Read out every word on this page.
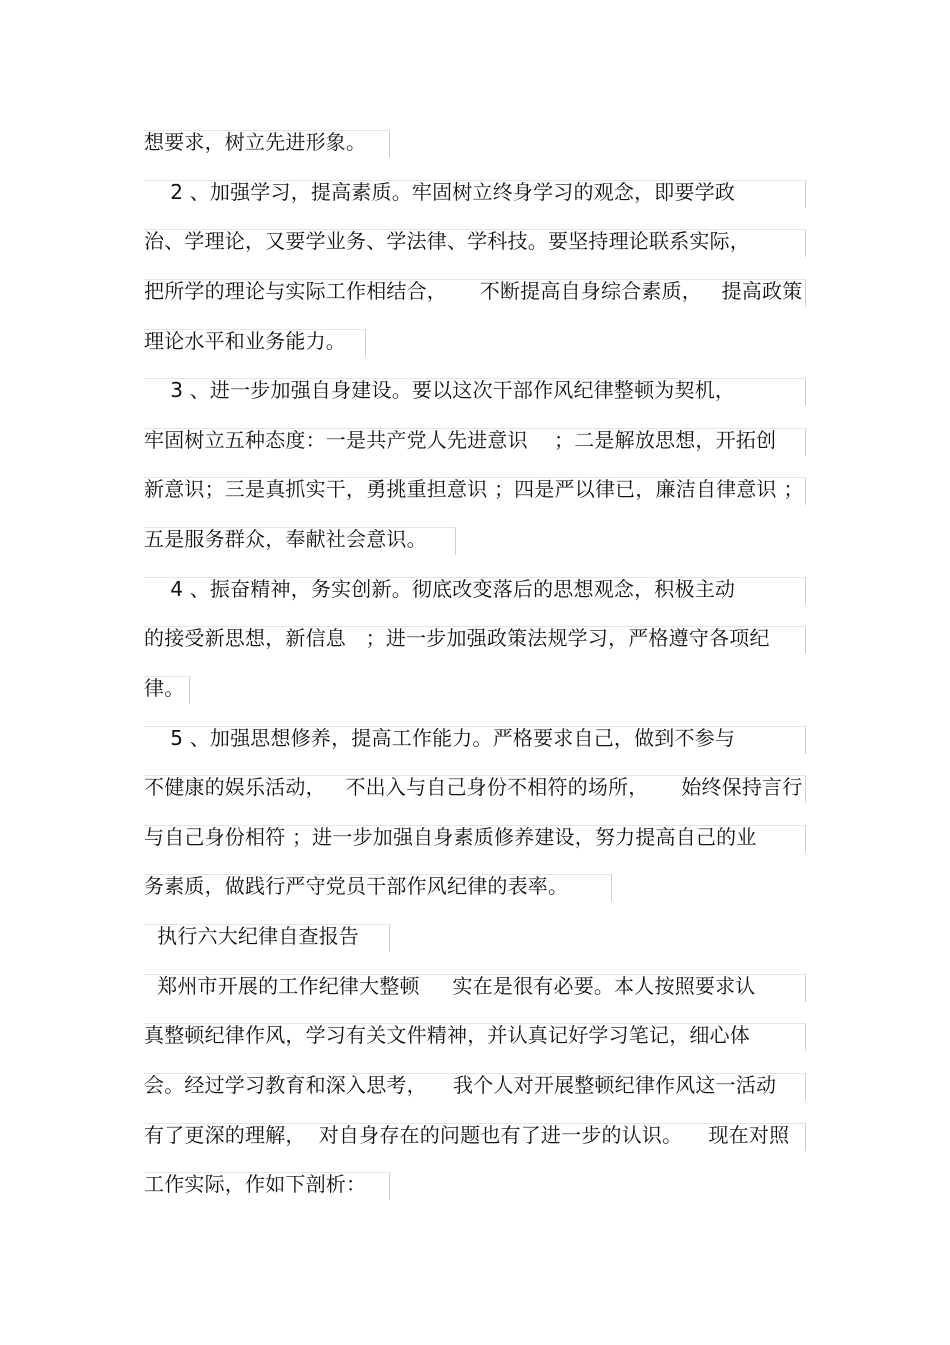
想要求，树立先进形象。
2 、加强学习，提高素质。牢固树立终身学习的观念，即要学政
治、学理论，又要学业务、学法律、学科技。要坚持理论联系实际，
把所学的理论与实际工作相结合，     不断提高自身综合素质，   提高政策
理论水平和业务能力。
3 、进一步加强自身建设。要以这次干部作风纪律整顿为契机，
牢固树立五种态度：一是共产党人先进意识    ；二是解放思想，开拓创
新意识；三是真抓实干，勇挑重担意识 ；四是严以律已，廉洁自律意识 ；
五是服务群众，奉献社会意识。
4 、振奋精神，务实创新。彻底改变落后的思想观念，积极主动
的接受新思想，新信息   ；进一步加强政策法规学习，严格遵守各项纪
律。
5 、加强思想修养，提高工作能力。严格要求自己，做到不参与
不健康的娱乐活动，   不出入与自己身份不相符的场所，     始终保持言行
与自己身份相符 ；进一步加强自身素质修养建设，努力提高自己的业
务素质，做践行严守党员干部作风纪律的表率。
执行六大纪律自查报告
郑州市开展的工作纪律大整顿     实在是很有必要。本人按照要求认
真整顿纪律作风，学习有关文件精神，并认真记好学习笔记，细心体
会。经过学习教育和深入思考，    我个人对开展整顿纪律作风这一活动
有了更深的理解，  对自身存在的问题也有了进一步的认识。    现在对照
工作实际，作如下剖析：
